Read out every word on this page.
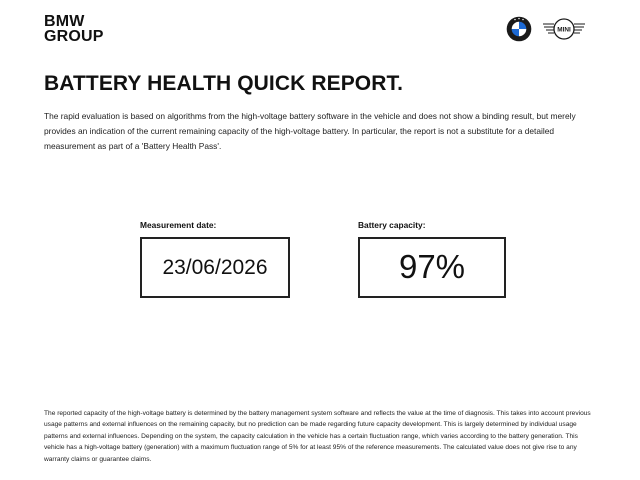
BMW
GROUP	MINI
BATTERY HEALTH QUICK REPORT.

The rapid evaluation is based on algorithms from the high-voltage battery software in the vehicle and does not show a binding result, but merely provides an indication of the current remaining capacity of the high-voltage battery. In particular, the report is not a substitute for a detailed measurement as part of a 'Battery Health Pass'.

Measurement date:
23/06/2026
Battery capacity:
97%

The reported capacity of the high-voltage battery is determined by the battery management system software and reflects the value at the time of diagnosis. This takes into account previous usage patterns and external influences on the remaining capacity, but no prediction can be made regarding future capacity development. This is largely determined by individual usage patterns and external influences. Depending on the system, the capacity calculation in the vehicle has a certain fluctuation range, which varies according to the battery generation. This vehicle has a high-voltage battery (generation) with a maximum fluctuation range of 5% for at least 95% of the reference measurements. The calculated value does not give rise to any warranty claims or guarantee claims.
